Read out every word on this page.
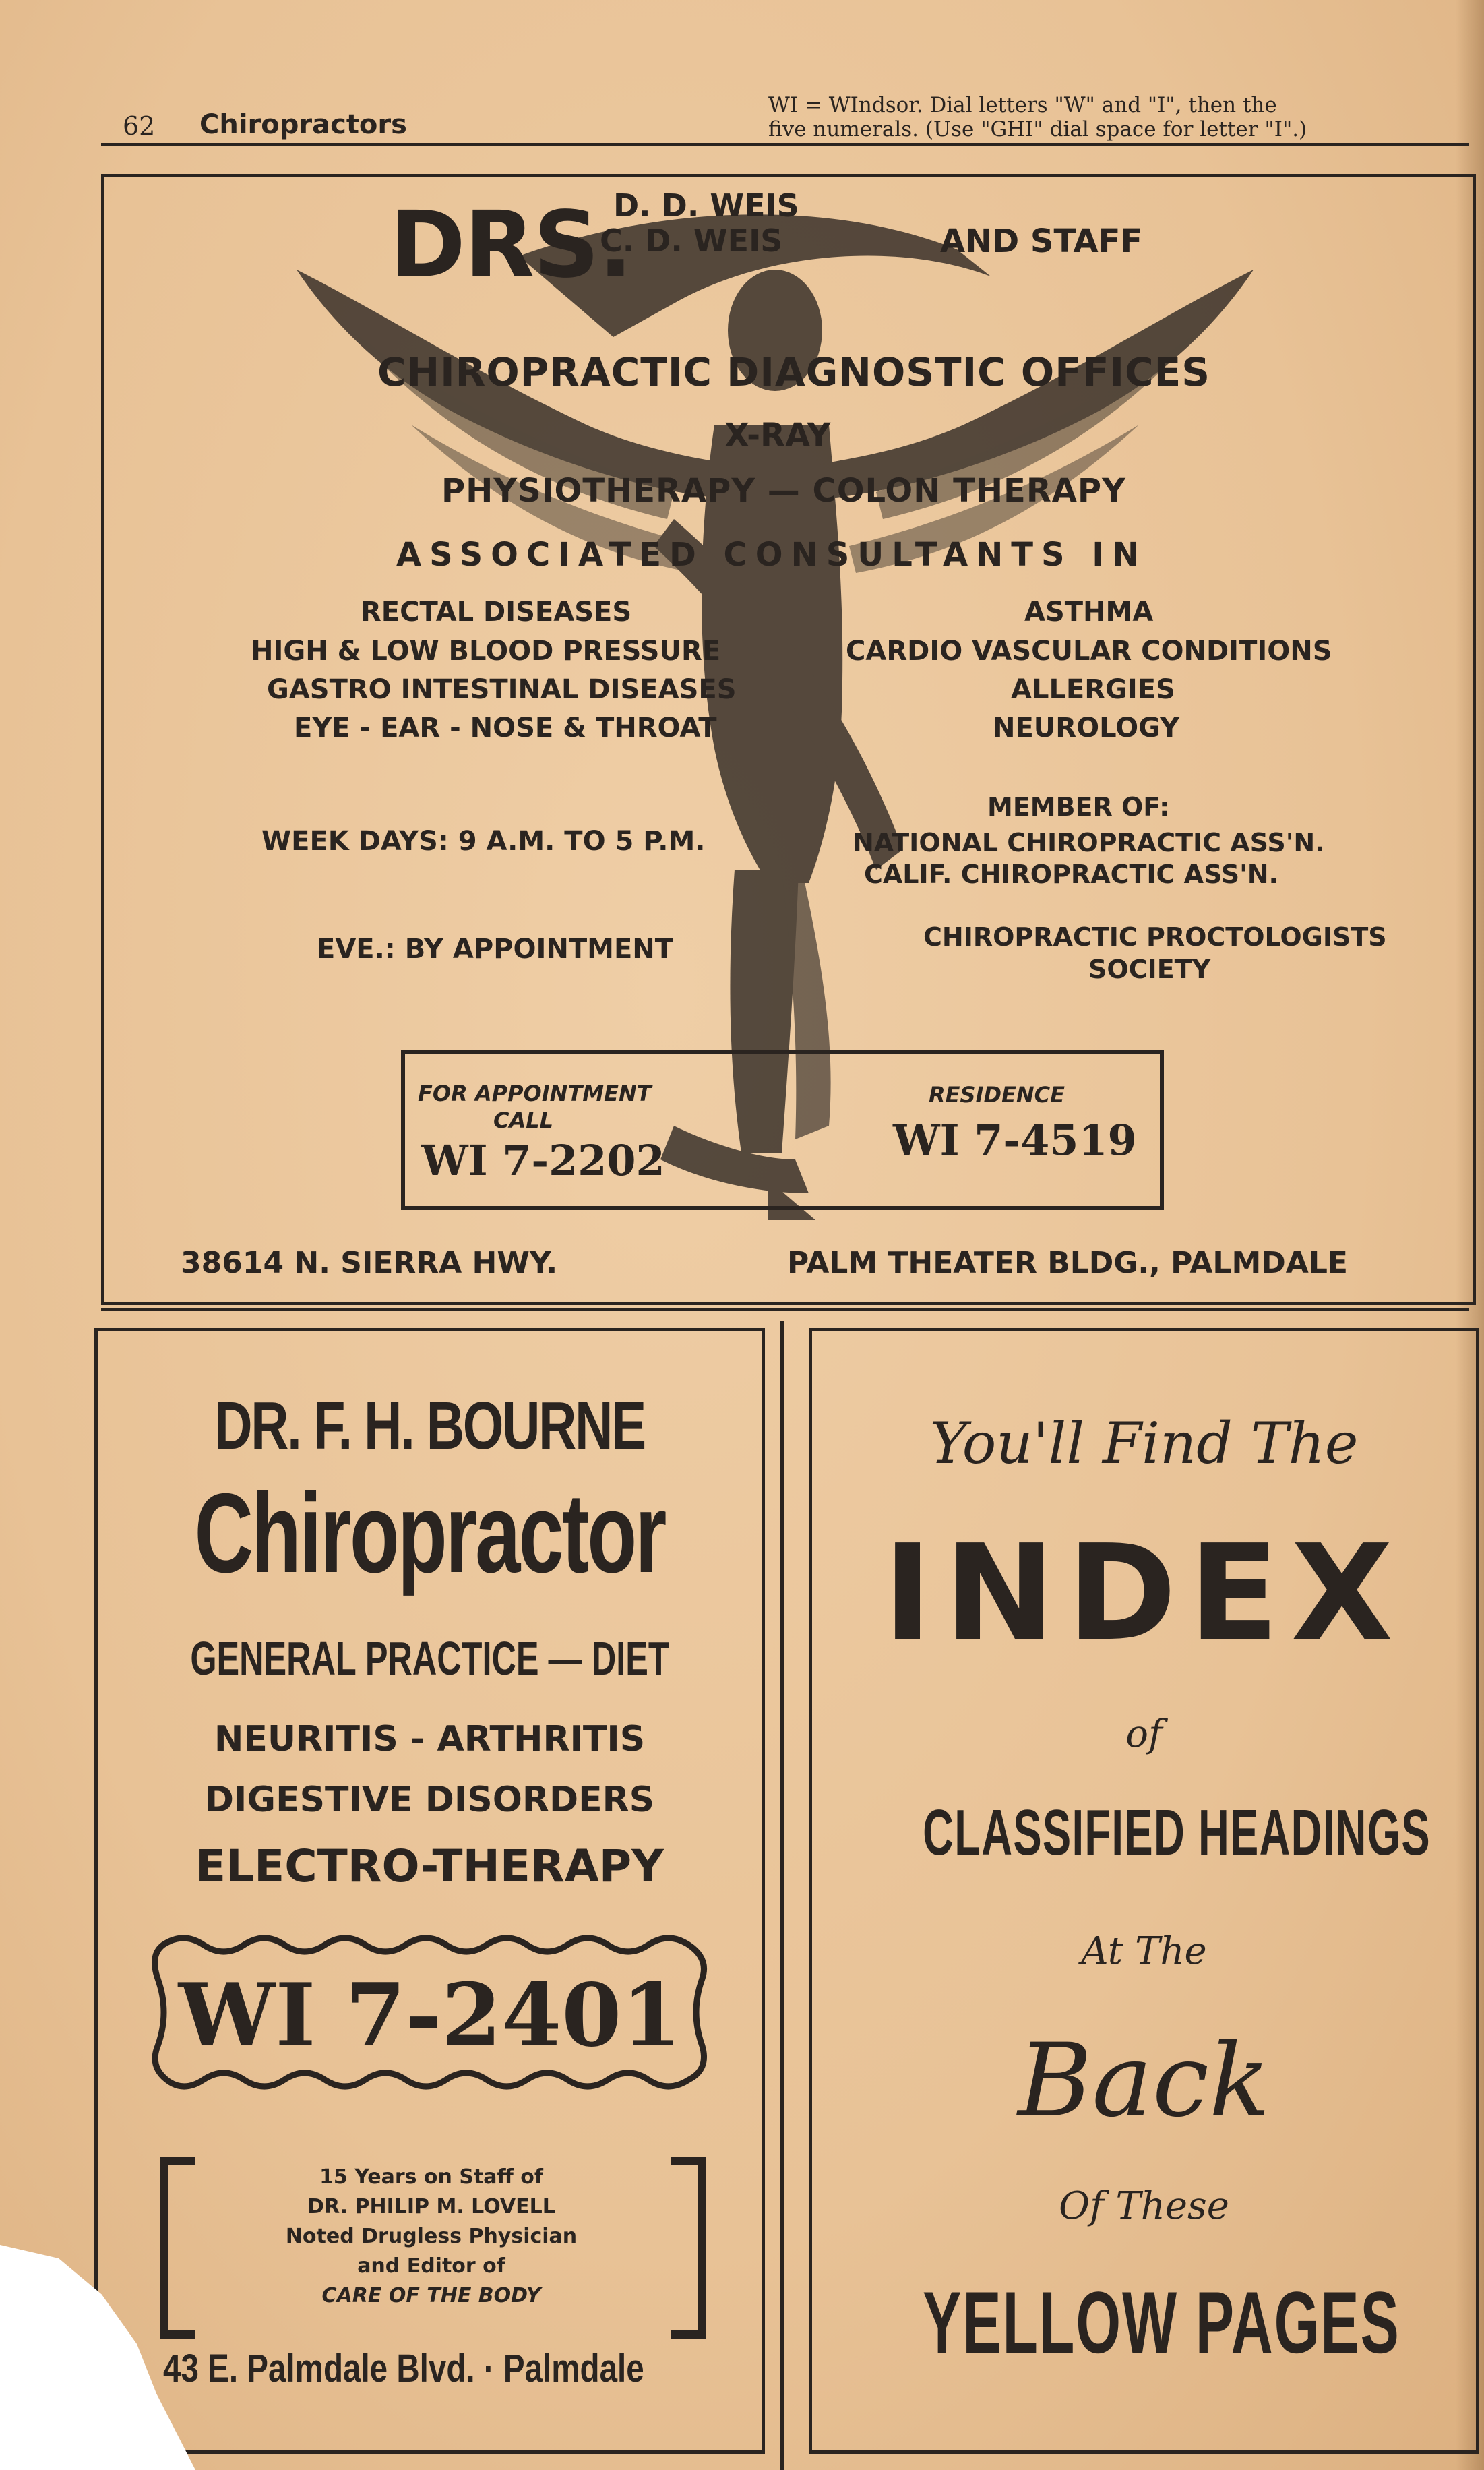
62 Chiropractors
WI = WIndsor. Dial letters "W" and "I", then the
five numerals. (Use "GHI" dial space for letter "I".)
DRS.
D. D. WEIS
C. D. WEIS	AND STAFF
CHIROPRACTIC DIAGNOSTIC OFFICES
X-RAY
PHYSIOTHERAPY — COLON THERAPY
ASSOCIATED CONSULTANTS IN
RECTAL DISEASES
HIGH & LOW BLOOD PRESSURE
GASTRO INTESTINAL DISEASES
EYE - EAR - NOSE & THROAT
ASTHMA
CARDIO VASCULAR CONDITIONS
ALLERGIES
NEUROLOGY
WEEK DAYS: 9 A.M. TO 5 P.M.
EVE.: BY APPOINTMENT
MEMBER OF:
NATIONAL CHIROPRACTIC ASS'N.
CALIF. CHIROPRACTIC ASS'N.
CHIROPRACTIC PROCTOLOGISTS
SOCIETY
FOR APPOINTMENT
CALL
WI 7-2202
RESIDENCE
WI 7-4519
38614 N. SIERRA HWY.	PALM THEATER BLDG., PALMDALE
DR. F. H. BOURNE
Chiropractor
GENERAL PRACTICE — DIET
NEURITIS - ARTHRITIS
DIGESTIVE DISORDERS
ELECTRO-THERAPY
WI 7-2401
15 Years on Staff of
DR. PHILIP M. LOVELL
Noted Drugless Physician
and Editor of
CARE OF THE BODY
43 E. Palmdale Blvd. · Palmdale
You'll Find The
INDEX
of
CLASSIFIED HEADINGS
At The
Back
Of These
YELLOW PAGES
